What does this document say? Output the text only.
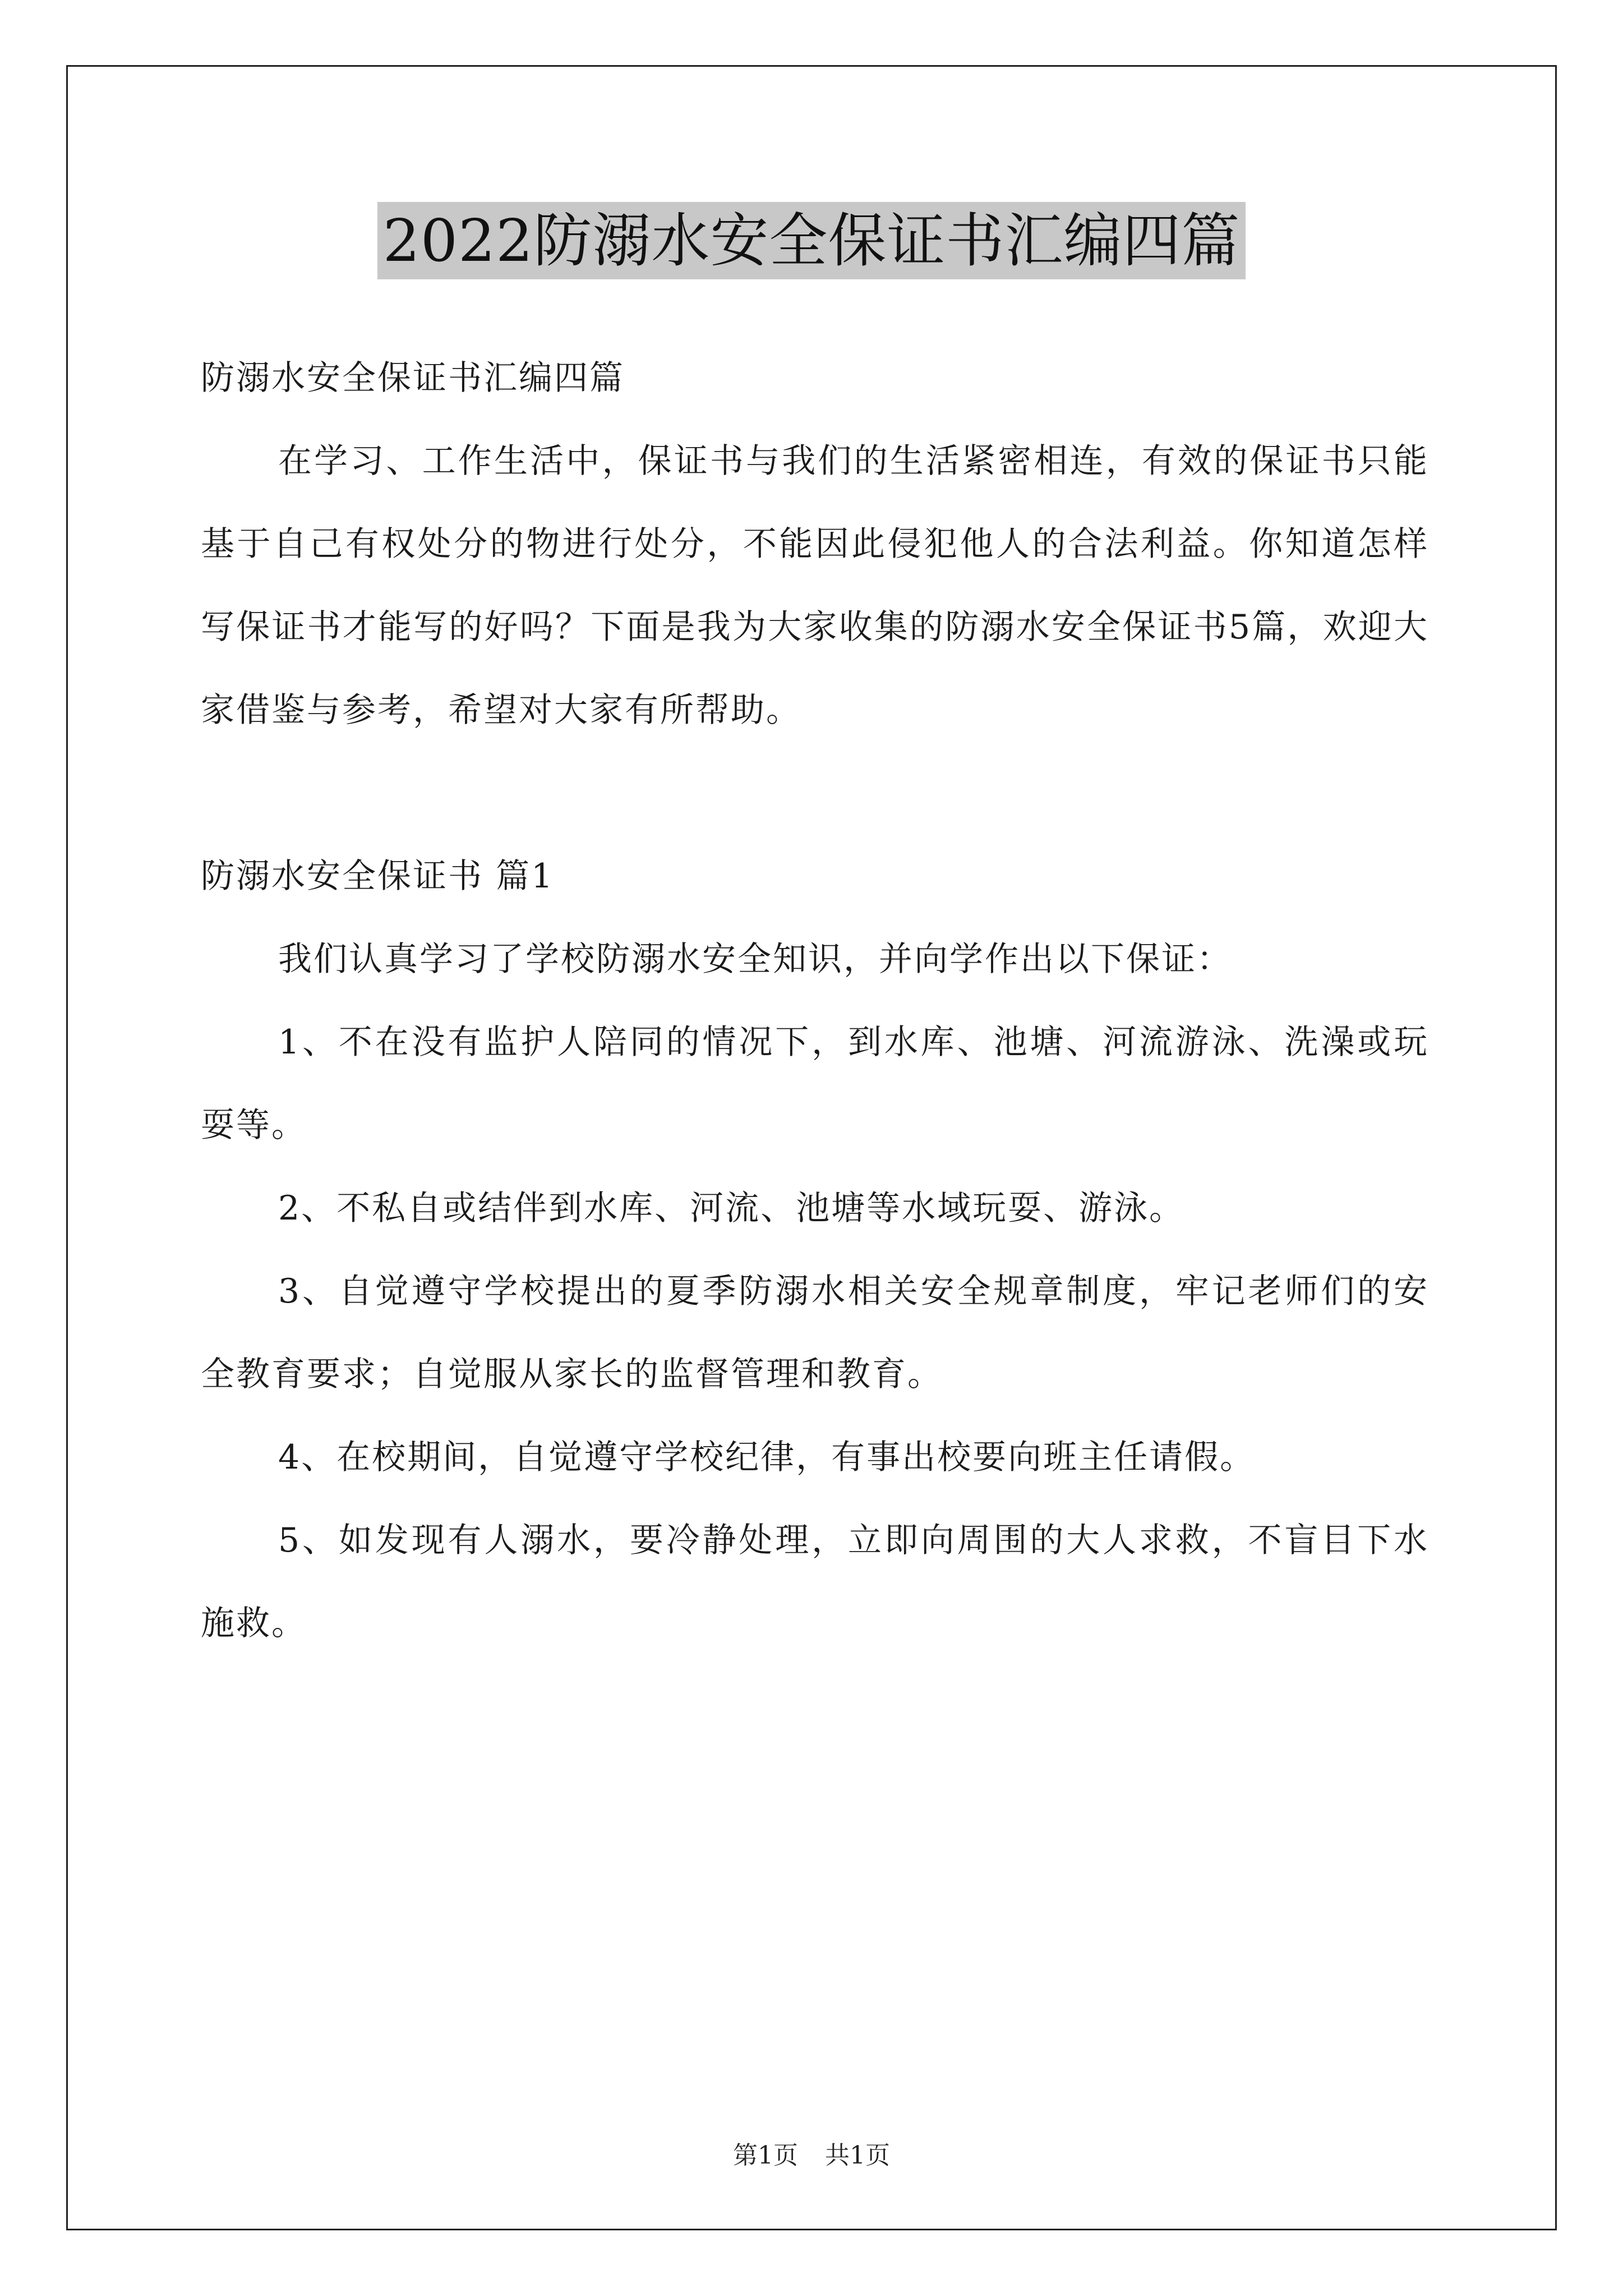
2022防溺水安全保证书汇编四篇

防溺水安全保证书汇编四篇

在学习、工作生活中，保证书与我们的生活紧密相连，有效的保证书只能基于自己有权处分的物进行处分，不能因此侵犯他人的合法利益。你知道怎样写保证书才能写的好吗？下面是我为大家收集的防溺水安全保证书5篇，欢迎大家借鉴与参考，希望对大家有所帮助。

防溺水安全保证书 篇1

我们认真学习了学校防溺水安全知识，并向学作出以下保证：

1、不在没有监护人陪同的情况下，到水库、池塘、河流游泳、洗澡或玩耍等。

2、不私自或结伴到水库、河流、池塘等水域玩耍、游泳。

3、自觉遵守学校提出的夏季防溺水相关安全规章制度，牢记老师们的安全教育要求；自觉服从家长的监督管理和教育。

4、在校期间，自觉遵守学校纪律，有事出校要向班主任请假。

5、如发现有人溺水，要冷静处理，立即向周围的大人求救，不盲目下水施救。

第1页 共1页
